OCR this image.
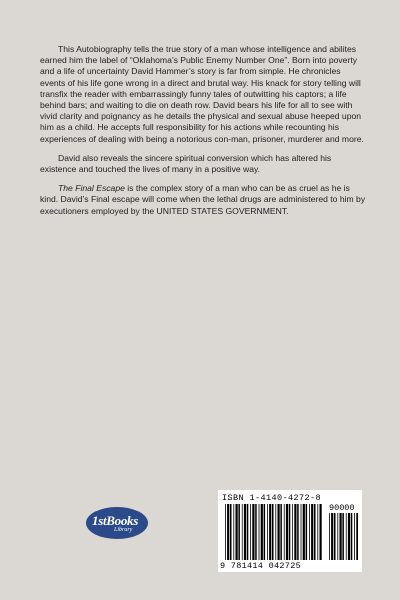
This Autobiography tells the true story of a man whose intelligence and abilites earned him the label of “Oklahoma’s Public Enemy Number One”. Born into poverty and a life of uncertainty David Hammer’s story is far from simple. He chronicles events of his life gone wrong in a direct and brutal way. His knack for story telling will transfix the reader with embarrassingly funny tales of outwitting his captors; a life behind bars; and waiting to die on death row. David bears his life for all to see with vivid clarity and poignancy as he details the physical and sexual abuse heeped upon him as a child. He accepts full responsibility for his actions while recounting his experiences of dealing with being a notorious con-man, prisoner, murderer and more.

David also reveals the sincere spiritual conversion which has altered his existence and touched the lives of many in a positive way.

The Final Escape is the complex story of a man who can be as cruel as he is kind. David’s Final escape will come when the lethal drugs are administered to him by executioners employed by the UNITED STATES GOVERNMENT.

1stBooks
Library
ISBN 1-4140-4272-8
90000
9 781414 042725
